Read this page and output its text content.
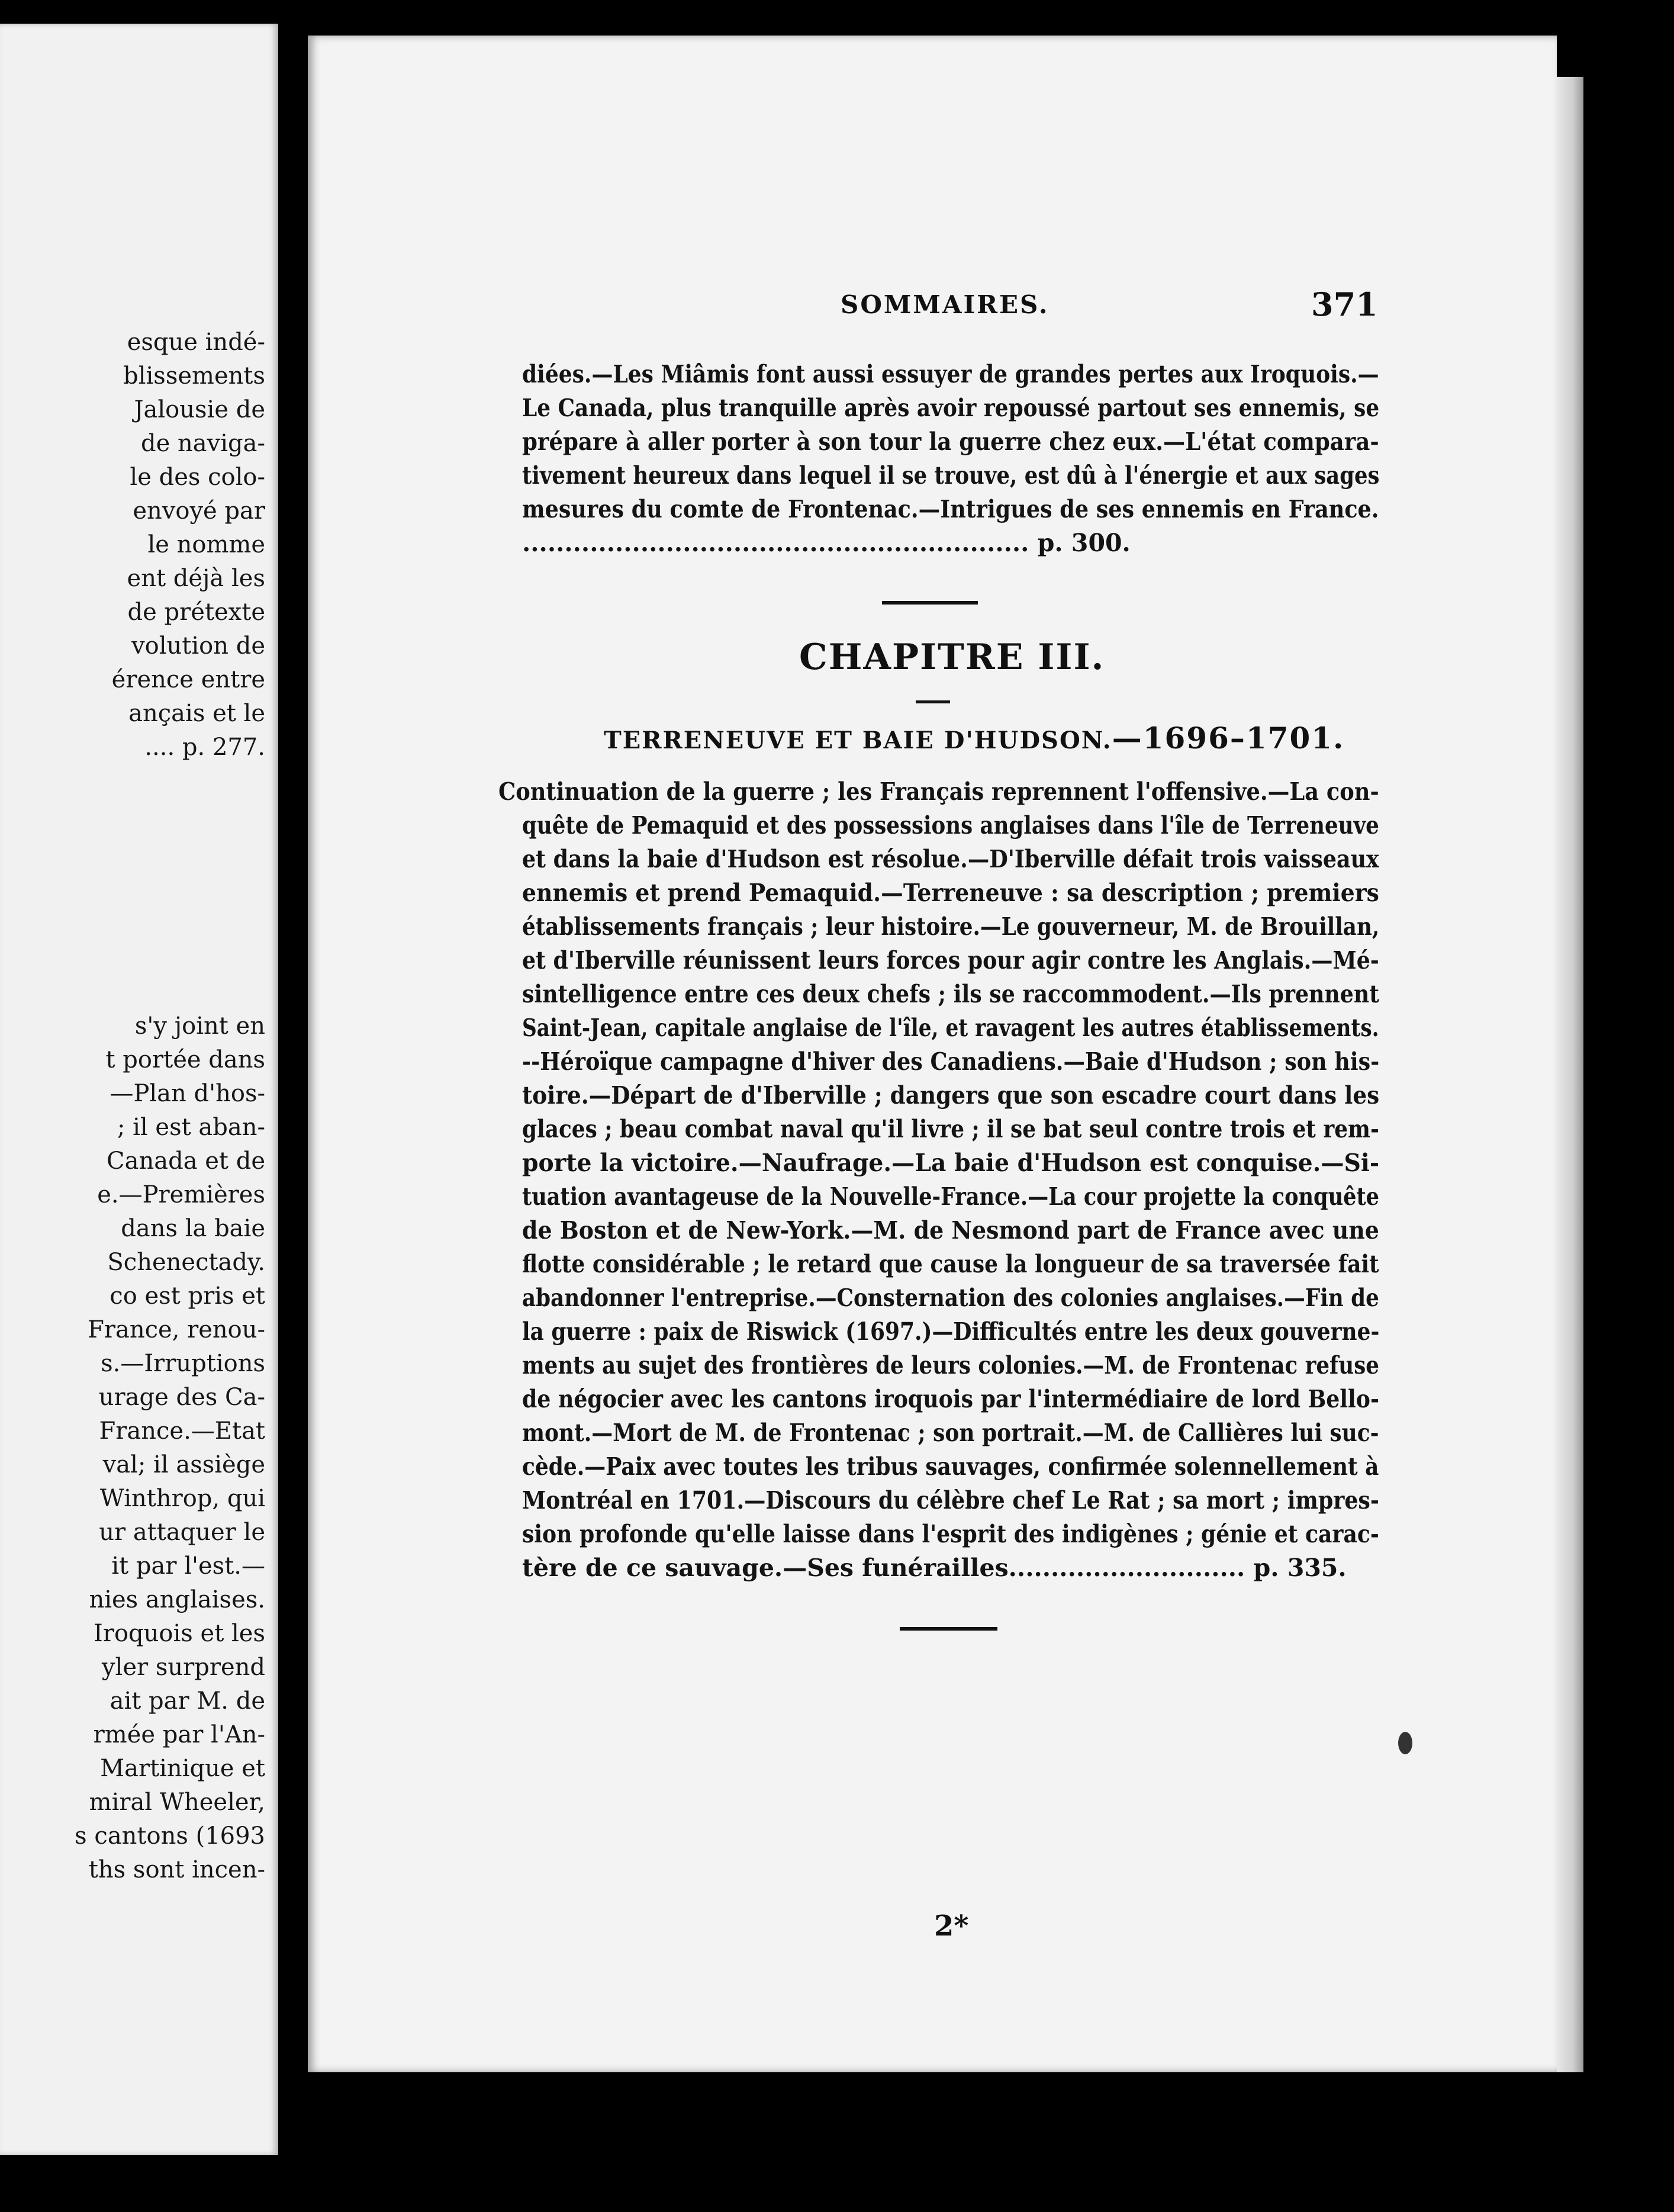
esque indé-
blissements
Jalousie de
de naviga-
le des colo-
envoyé par
le nomme
ent déjà les
de prétexte
volution de
érence entre
ançais et le
.... p. 277.
s'y joint en
t portée dans
—Plan d'hos-
; il est aban-
Canada et de
e.—Premières
dans la baie
Schenectady.
co est pris et
France, renou-
s.—Irruptions
urage des Ca-
France.—Etat
val; il assiège
Winthrop, qui
ur attaquer le
it par l'est.—
nies anglaises.
Iroquois et les
yler surprend
ait par M. de
rmée par l'An-
Martinique et
miral Wheeler,
s cantons (1693
ths sont incen-
SOMMAIRES.	371
diées.—Les Miâmis font aussi essuyer de grandes pertes aux Iroquois.—
Le Canada, plus tranquille après avoir repoussé partout ses ennemis, se
prépare à aller porter à son tour la guerre chez eux.—L'état compara-
tivement heureux dans lequel il se trouve, est dû à l'énergie et aux sages
mesures du comte de Frontenac.—Intrigues de ses ennemis en France.
............................................................ p. 300.
CHAPITRE III.
TERRENEUVE ET BAIE D'HUDSON.—1696–1701.
Continuation de la guerre ; les Français reprennent l'offensive.—La con-
quête de Pemaquid et des possessions anglaises dans l'île de Terreneuve
et dans la baie d'Hudson est résolue.—D'Iberville défait trois vaisseaux
ennemis et prend Pemaquid.—Terreneuve : sa description ; premiers
établissements français ; leur histoire.—Le gouverneur, M. de Brouillan,
et d'Iberville réunissent leurs forces pour agir contre les Anglais.—Mé-
sintelligence entre ces deux chefs ; ils se raccommodent.—Ils prennent
Saint-Jean, capitale anglaise de l'île, et ravagent les autres établissements.
--Héroïque campagne d'hiver des Canadiens.—Baie d'Hudson ; son his-
toire.—Départ de d'Iberville ; dangers que son escadre court dans les
glaces ; beau combat naval qu'il livre ; il se bat seul contre trois et rem-
porte la victoire.—Naufrage.—La baie d'Hudson est conquise.—Si-
tuation avantageuse de la Nouvelle-France.—La cour projette la conquête
de Boston et de New-York.—M. de Nesmond part de France avec une
flotte considérable ; le retard que cause la longueur de sa traversée fait
abandonner l'entreprise.—Consternation des colonies anglaises.—Fin de
la guerre : paix de Riswick (1697.)—Difficultés entre les deux gouverne-
ments au sujet des frontières de leurs colonies.—M. de Frontenac refuse
de négocier avec les cantons iroquois par l'intermédiaire de lord Bello-
mont.—Mort de M. de Frontenac ; son portrait.—M. de Callières lui suc-
cède.—Paix avec toutes les tribus sauvages, confirmée solennellement à
Montréal en 1701.—Discours du célèbre chef Le Rat ; sa mort ; impres-
sion profonde qu'elle laisse dans l'esprit des indigènes ; génie et carac-
tère de ce sauvage.—Ses funérailles............................ p. 335.
2*
